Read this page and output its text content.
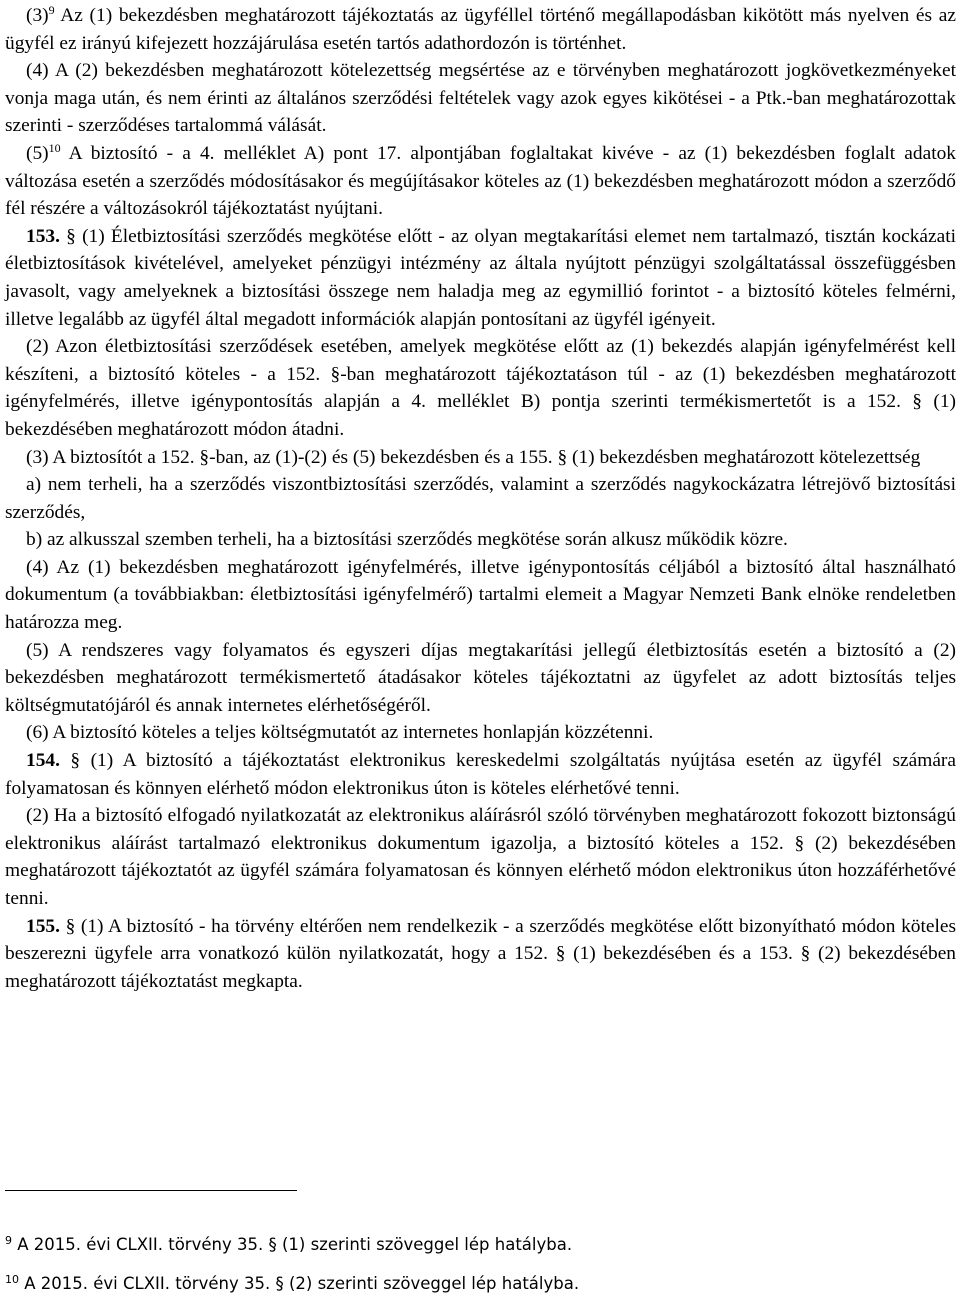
$(3)^9$ Az (1) bekezdésben meghatározott tájékoztatás az ügyféllel történő megállapodásban kikötött más nyelven és az ügyfél ez irányú kifejezett hozzájárulása esetén tartós adathordozón is történhet.

(4) A (2) bekezdésben meghatározott kötelezettség megsértése az e törvényben meghatározott jogkövetkezményeket vonja maga után, és nem érinti az általános szerződési feltételek vagy azok egyes kikötései - a Ptk.-ban meghatározottak szerinti - szerződéses tartalommá válását.

$(5)^{10}$ A biztosító - a 4. melléklet A) pont 17. alpontjában foglaltakat kivéve - az (1) bekezdésben foglalt adatok változása esetén a szerződés módosításakor és megújításakor köteles az (1) bekezdésben meghatározott módon a szerződő fél részére a változásokról tájékoztatást nyújtani.

153. § (1) Életbiztosítási szerződés megkötése előtt - az olyan megtakarítási elemet nem tartalmazó, tisztán kockázati életbiztosítások kivételével, amelyeket pénzügyi intézmény az általa nyújtott pénzügyi szolgáltatással összefüggésben javasolt, vagy amelyeknek a biztosítási összege nem haladja meg az egymillió forintot - a biztosító köteles felmérni, illetve legalább az ügyfél által megadott információk alapján pontosítani az ügyfél igényeit.

(2) Azon életbiztosítási szerződések esetében, amelyek megkötése előtt az (1) bekezdés alapján igényfelmérést kell készíteni, a biztosító köteles - a 152. §-ban meghatározott tájékoztatáson túl - az (1) bekezdésben meghatározott igényfelmérés, illetve igénypontosítás alapján a 4. melléklet B) pontja szerinti termékismertetőt is a 152. § (1) bekezdésében meghatározott módon átadni.

(3) A biztosítót a 152. §-ban, az (1)-(2) és (5) bekezdésben és a 155. § (1) bekezdésben meghatározott kötelezettség

a) nem terheli, ha a szerződés viszontbiztosítási szerződés, valamint a szerződés nagykockázatra létrejövő biztosítási szerződés,

b) az alkusszal szemben terheli, ha a biztosítási szerződés megkötése során alkusz működik közre.

(4) Az (1) bekezdésben meghatározott igényfelmérés, illetve igénypontosítás céljából a biztosító által használható dokumentum (a továbbiakban: életbiztosítási igényfelmérő) tartalmi elemeit a Magyar Nemzeti Bank elnöke rendeletben határozza meg.

(5) A rendszeres vagy folyamatos és egyszeri díjas megtakarítási jellegű életbiztosítás esetén a biztosító a (2) bekezdésben meghatározott termékismertető átadásakor köteles tájékoztatni az ügyfelet az adott biztosítás teljes költségmutatójáról és annak internetes elérhetőségéről.

(6) A biztosító köteles a teljes költségmutatót az internetes honlapján közzétenni.

154. § (1) A biztosító a tájékoztatást elektronikus kereskedelmi szolgáltatás nyújtása esetén az ügyfél számára folyamatosan és könnyen elérhető módon elektronikus úton is köteles elérhetővé tenni.

(2) Ha a biztosító elfogadó nyilatkozatát az elektronikus aláírásról szóló törvényben meghatározott fokozott biztonságú elektronikus aláírást tartalmazó elektronikus dokumentum igazolja, a biztosító köteles a 152. § (2) bekezdésében meghatározott tájékoztatót az ügyfél számára folyamatosan és könnyen elérhető módon elektronikus úton hozzáférhetővé tenni.

155. § (1) A biztosító - ha törvény eltérően nem rendelkezik - a szerződés megkötése előtt bizonyítható módon köteles beszerezni ügyfele arra vonatkozó külön nyilatkozatát, hogy a 152. § (1) bekezdésében és a 153. § (2) bekezdésében meghatározott tájékoztatást megkapta.

$^9$ A 2015. évi CLXII. törvény 35. § (1) szerinti szöveggel lép hatályba.
$^{10}$ A 2015. évi CLXII. törvény 35. § (2) szerinti szöveggel lép hatályba.
